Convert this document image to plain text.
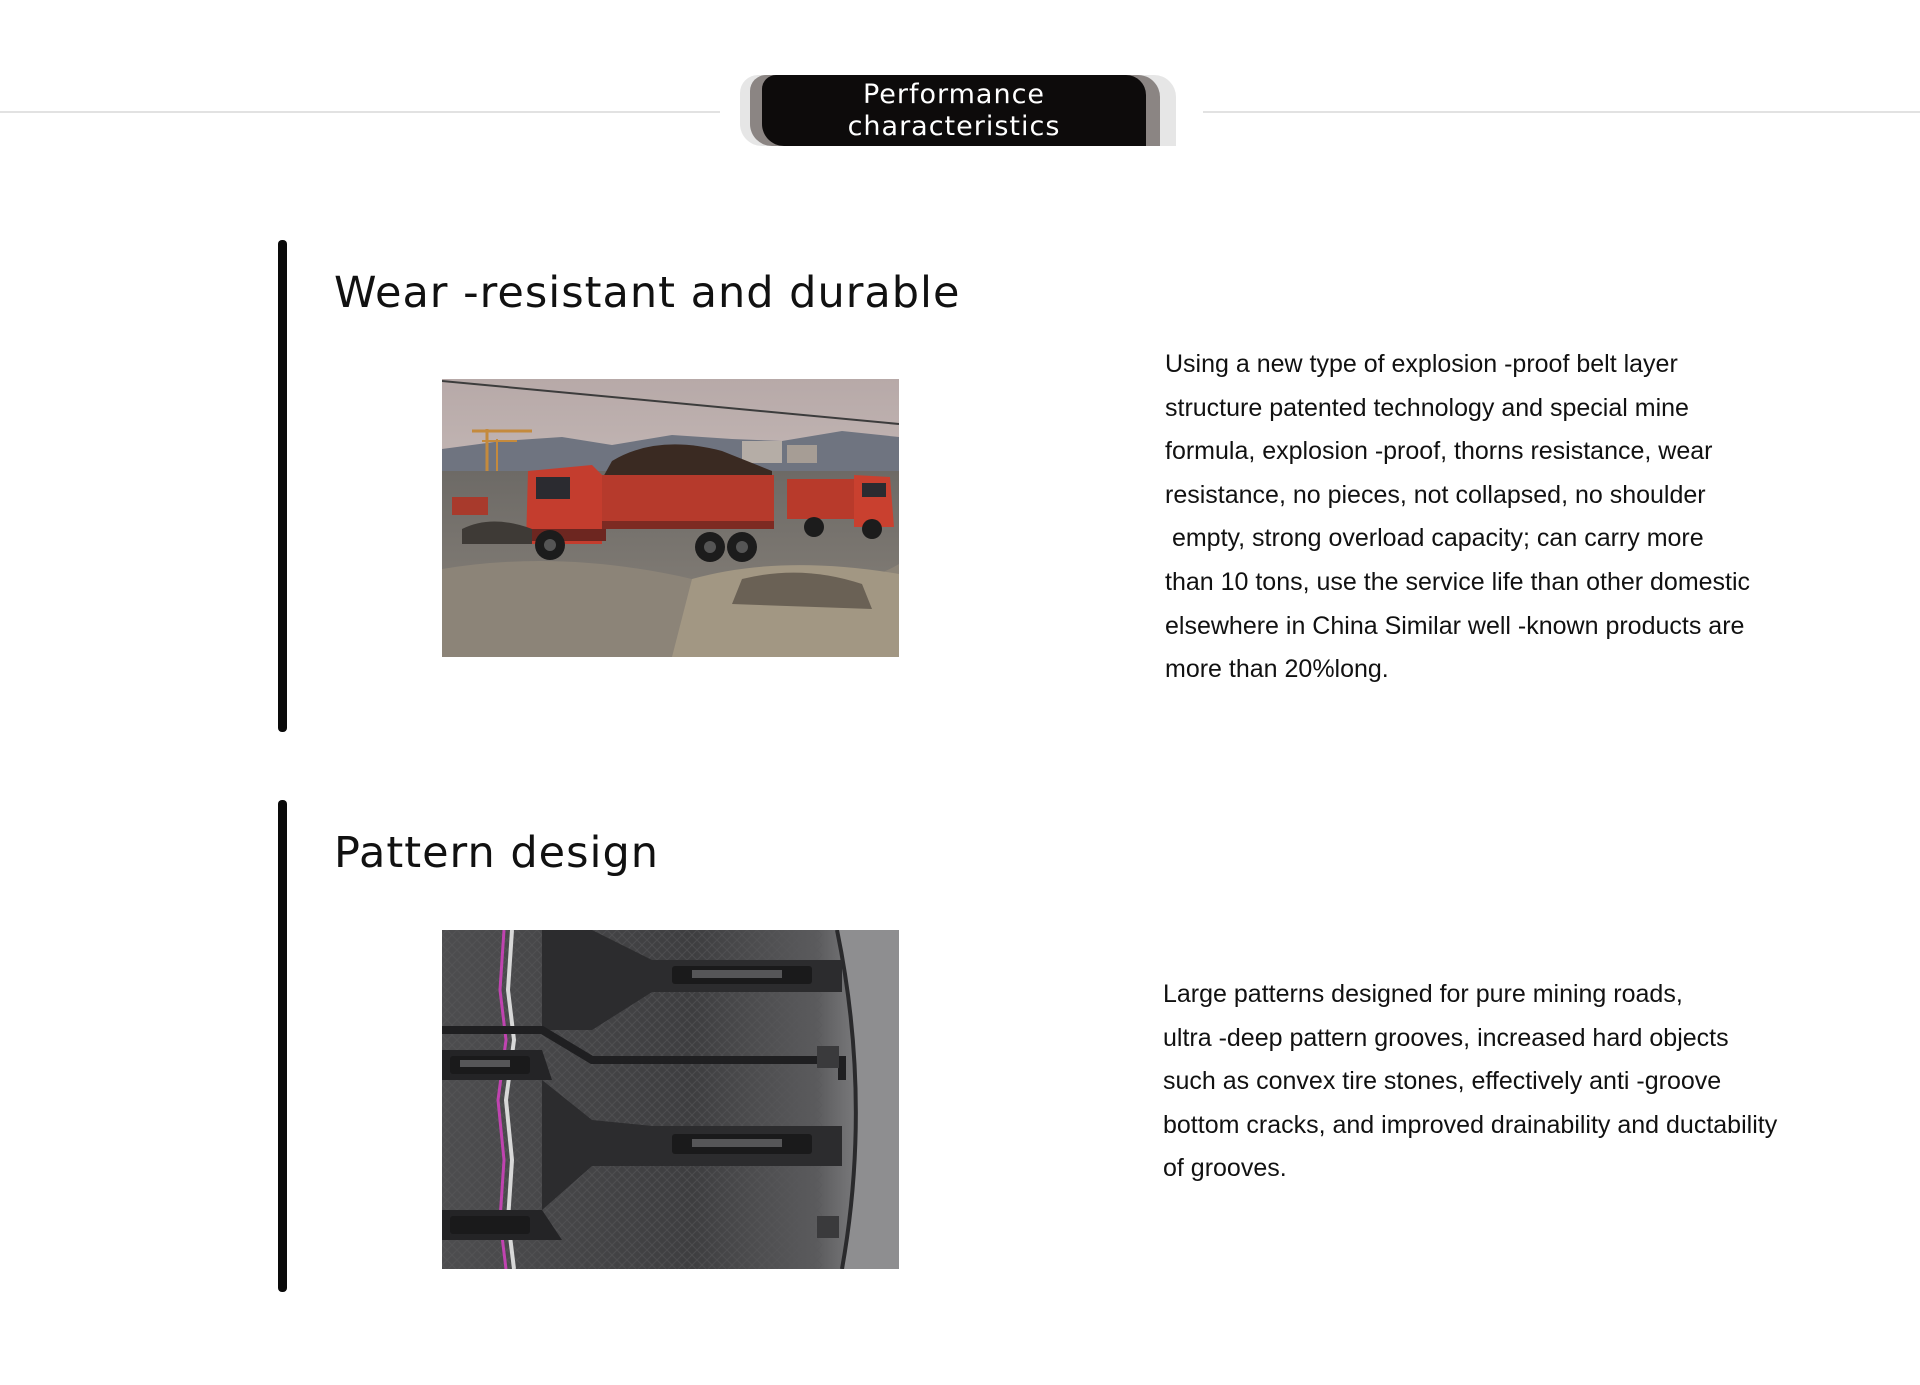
Performance
characteristics
Wear -resistant and durable

Using a new type of explosion -proof belt layer
structure patented technology and special mine
formula, explosion -proof, thorns resistance, wear
resistance, no pieces, not collapsed, no shoulder
empty, strong overload capacity; can carry more
than 10 tons, use the service life than other domestic
elsewhere in China Similar well -known products are
more than 20%long.

Pattern design

Large patterns designed for pure mining roads,
ultra -deep pattern grooves, increased hard objects
such as convex tire stones, effectively anti -groove
bottom cracks, and improved drainability and ductability
of grooves.
